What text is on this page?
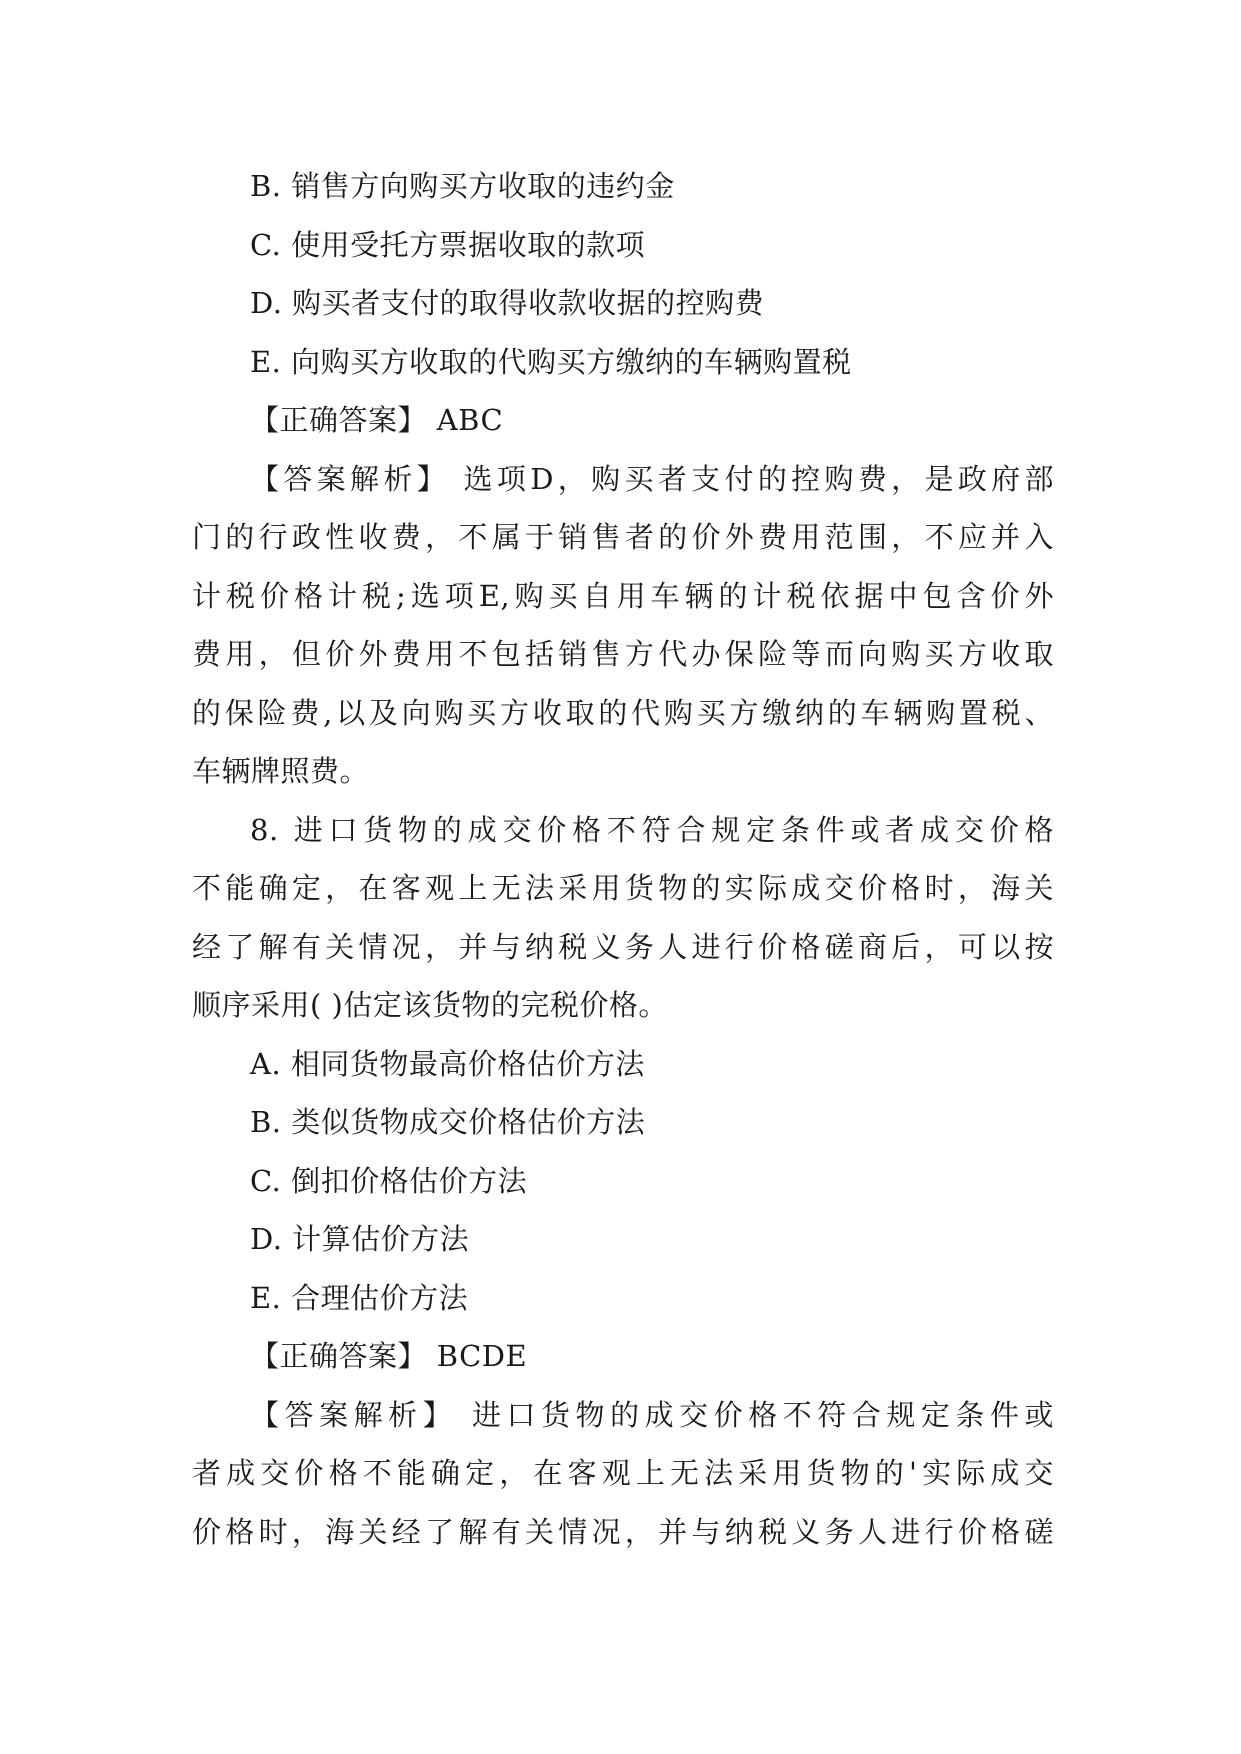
B. 销售方向购买方收取的违约金
C. 使用受托方票据收取的款项
D. 购买者支付的取得收款收据的控购费
E. 向购买方收取的代购买方缴纳的车辆购置税
【正确答案】 ABC
【答案解析】 选项D，购买者支付的控购费，是政府部
门的行政性收费，不属于销售者的价外费用范围，不应并入
计税价格计税;选项E,购买自用车辆的计税依据中包含价外
费用，但价外费用不包括销售方代办保险等而向购买方收取
的保险费,以及向购买方收取的代购买方缴纳的车辆购置税、
车辆牌照费。
8. 进口货物的成交价格不符合规定条件或者成交价格
不能确定，在客观上无法采用货物的实际成交价格时，海关
经了解有关情况，并与纳税义务人进行价格磋商后，可以按
顺序采用( )估定该货物的完税价格。
A. 相同货物最高价格估价方法
B. 类似货物成交价格估价方法
C. 倒扣价格估价方法
D. 计算估价方法
E. 合理估价方法
【正确答案】 BCDE
【答案解析】 进口货物的成交价格不符合规定条件或
者成交价格不能确定，在客观上无法采用货物的'实际成交
价格时，海关经了解有关情况，并与纳税义务人进行价格磋
